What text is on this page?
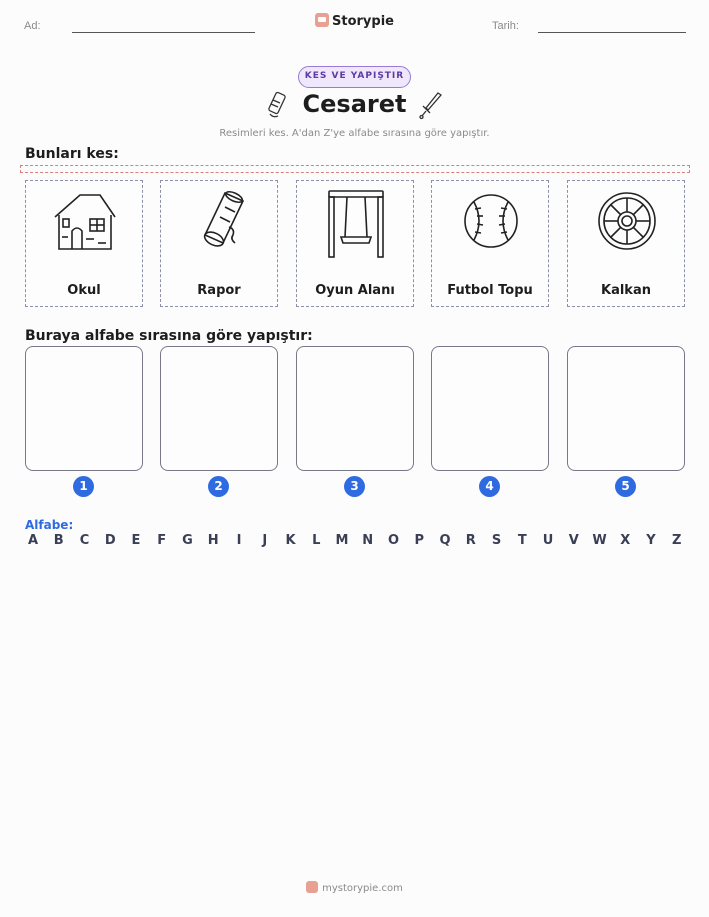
Ad:	Storypie	Tarih:
KES VE YAPIŞTIR
Cesaret
Resimleri kes. A'dan Z'ye alfabe sırasına göre yapıştır.
Bunları kes:
Okul	Rapor	Oyun Alanı	Futbol Topu	Kalkan
Buraya alfabe sırasına göre yapıştır:
1	2	3	4	5
Alfabe:
A B C D E F G H	I	J	K L M N O P Q R S T U V W X Y Z
mystorypie.com
